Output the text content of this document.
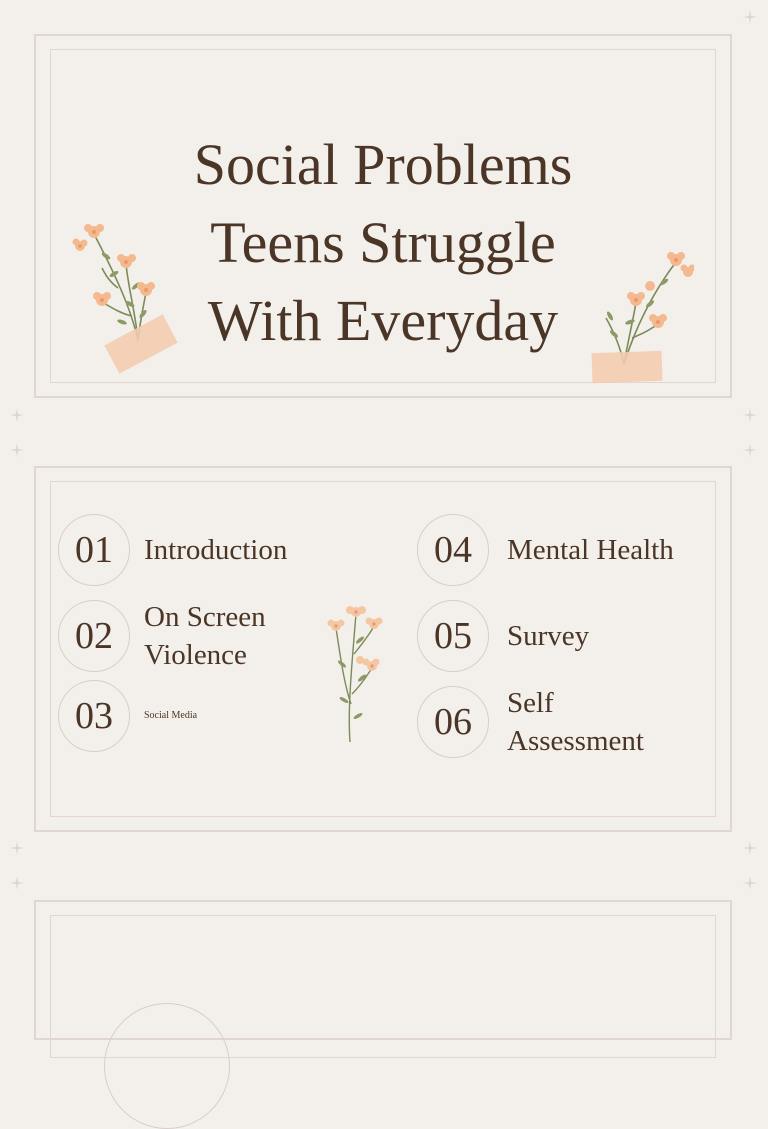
Social Problems
Teens Struggle
With Everyday
01	Introduction
02	On Screen Violence
03	Social Media
04	Mental Health
05	Survey
06	Self Assessment
